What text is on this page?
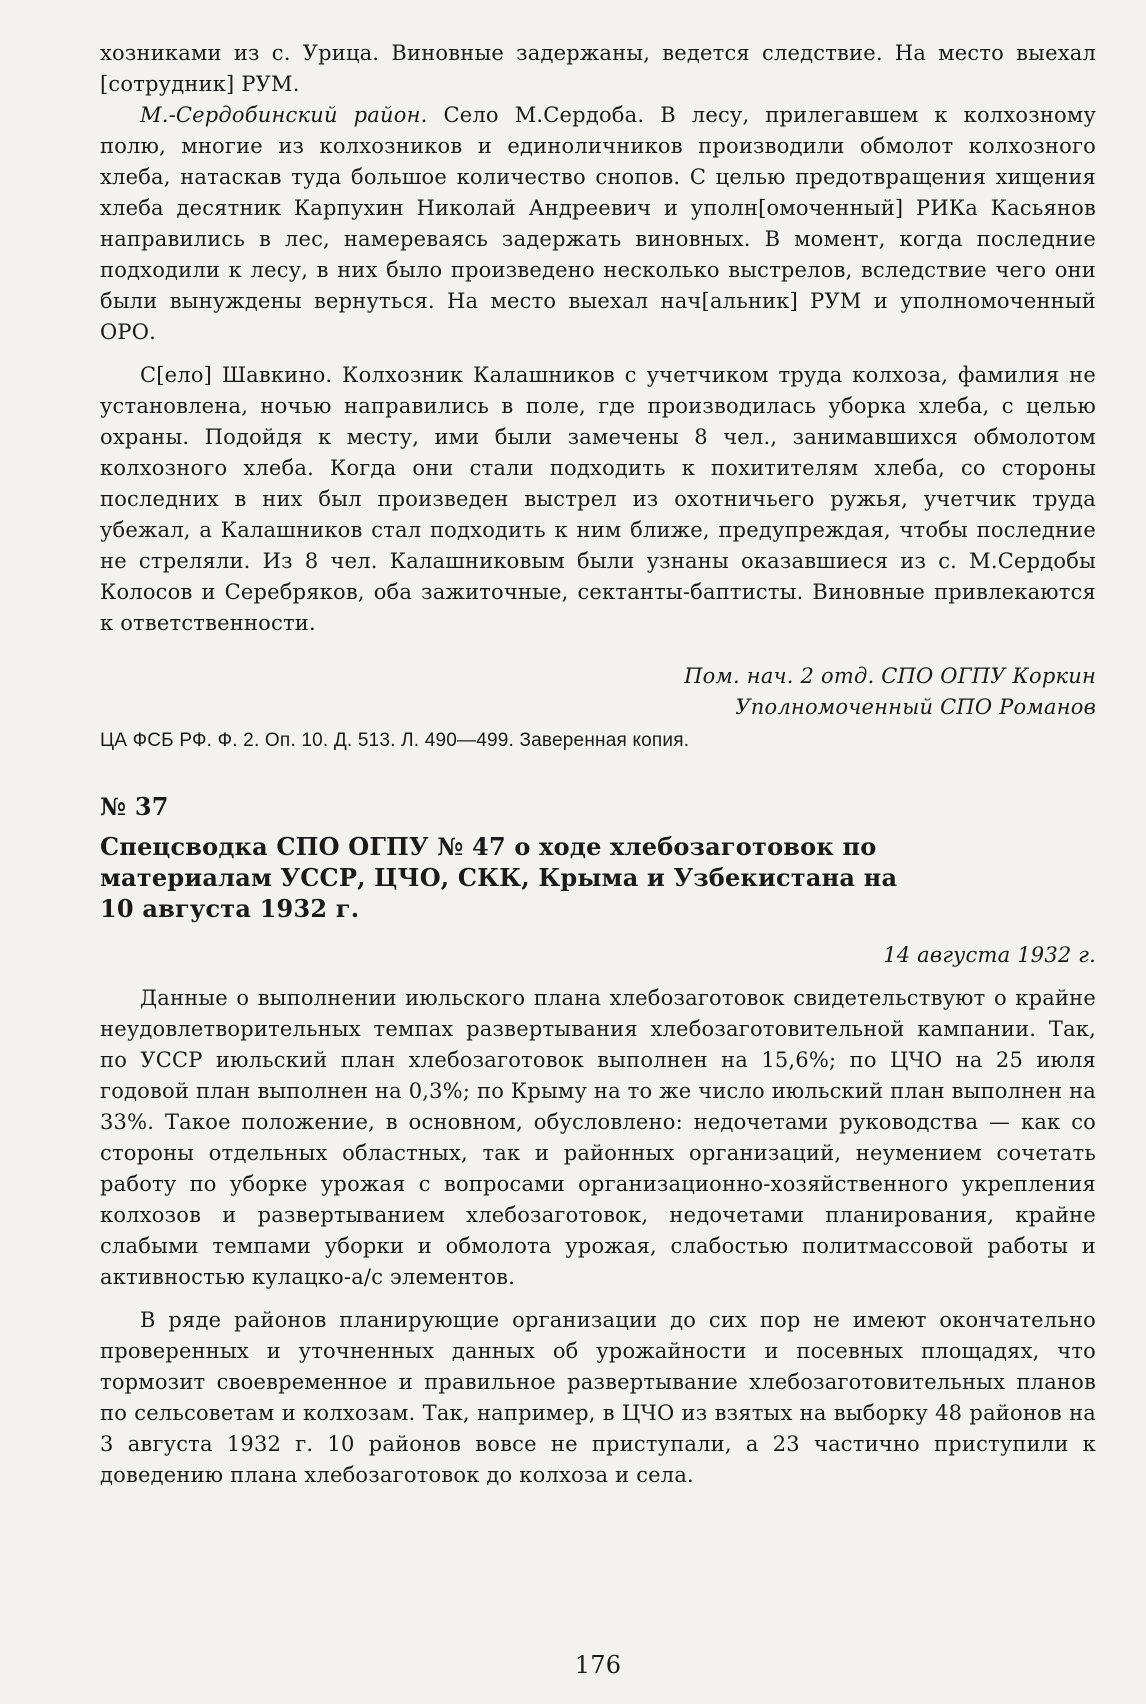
хозниками из с. Урица. Виновные задержаны, ведется следствие. На место выехал [сотрудник] РУМ.

М.-Сердобинский район. Село М.Сердоба. В лесу, прилегавшем к колхозному полю, многие из колхозников и единоличников производили обмолот колхозного хлеба, натаскав туда большое количество снопов. С целью предотвращения хищения хлеба десятник Карпухин Николай Андреевич и уполн[омоченный] РИКа Касьянов направились в лес, намереваясь задержать виновных. В момент, когда последние подходили к лесу, в них было произведено несколько выстрелов, вследствие чего они были вынуждены вернуться. На место выехал нач[альник] РУМ и уполномоченный ОРО.

С[ело] Шавкино. Колхозник Калашников с учетчиком труда колхоза, фамилия не установлена, ночью направились в поле, где производилась уборка хлеба, с целью охраны. Подойдя к месту, ими были замечены 8 чел., занимавшихся обмолотом колхозного хлеба. Когда они стали подходить к похитителям хлеба, со стороны последних в них был произведен выстрел из охотничьего ружья, учетчик труда убежал, а Калашников стал подходить к ним ближе, предупреждая, чтобы последние не стреляли. Из 8 чел. Калашниковым были узнаны оказавшиеся из с. М.Сердобы Колосов и Серебряков, оба зажиточные, сектанты-баптисты. Виновные привлекаются к ответственности.

Пом. нач. 2 отд. СПО ОГПУ Коркин

Уполномоченный СПО Романов

ЦА ФСБ РФ. Ф. 2. Оп. 10. Д. 513. Л. 490—499. Заверенная копия.

№ 37

Спецсводка СПО ОГПУ № 47 о ходе хлебозаготовок по материалам УССР, ЦЧО, СКК, Крыма и Узбекистана на 10 августа 1932 г.

14 августа 1932 г.

Данные о выполнении июльского плана хлебозаготовок свидетельствуют о крайне неудовлетворительных темпах развертывания хлебозаготовительной кампании. Так, по УССР июльский план хлебозаготовок выполнен на 15,6%; по ЦЧО на 25 июля годовой план выполнен на 0,3%; по Крыму на то же число июльский план выполнен на 33%. Такое положение, в основном, обусловлено: недочетами руководства — как со стороны отдельных областных, так и районных организаций, неумением сочетать работу по уборке урожая с вопросами организационно-хозяйственного укрепления колхозов и развертыванием хлебозаготовок, недочетами планирования, крайне слабыми темпами уборки и обмолота урожая, слабостью политмассовой работы и активностью кулацко-а/с элементов.

В ряде районов планирующие организации до сих пор не имеют окончательно проверенных и уточненных данных об урожайности и посевных площадях, что тормозит своевременное и правильное развертывание хлебозаготовительных планов по сельсоветам и колхозам. Так, например, в ЦЧО из взятых на выборку 48 районов на 3 августа 1932 г. 10 районов вовсе не приступали, а 23 частично приступили к доведению плана хлебозаготовок до колхоза и села.

176
